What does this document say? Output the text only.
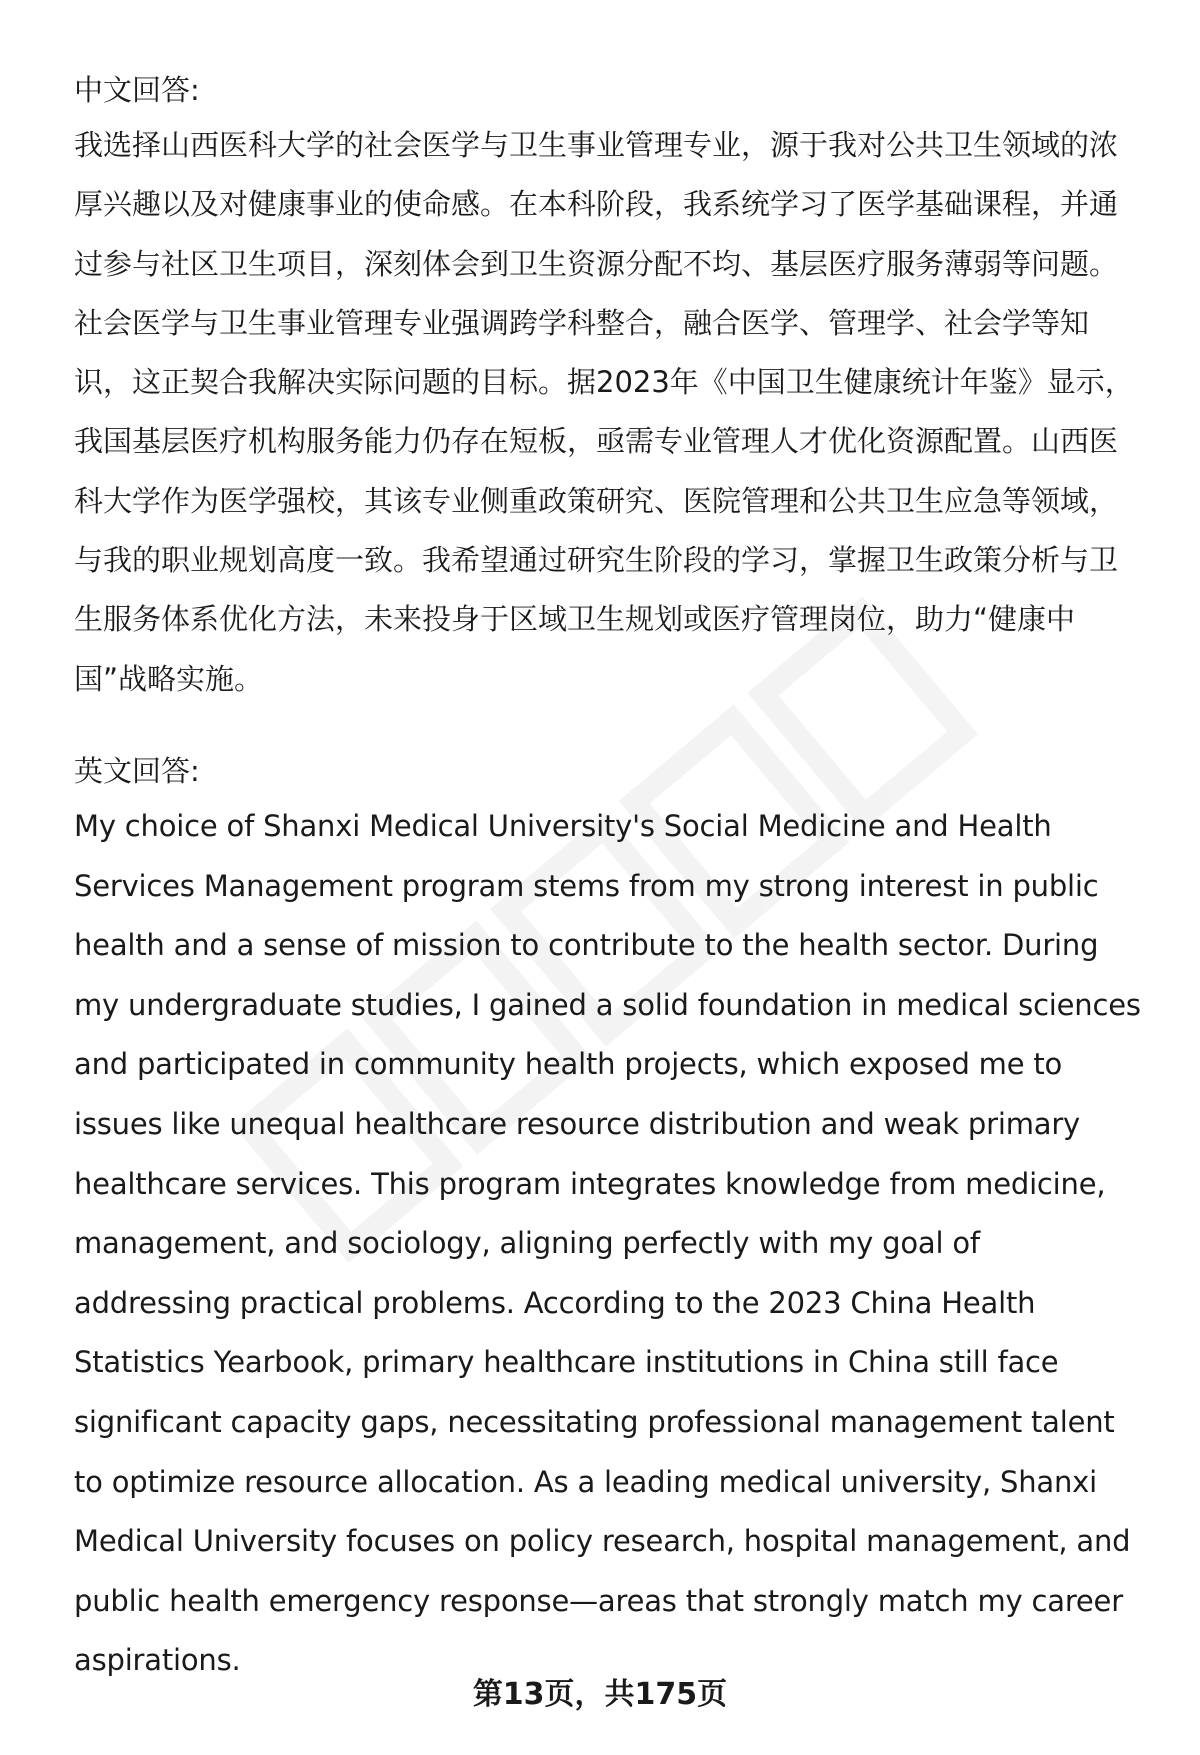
中文回答:

我选择山西医科大学的社会医学与卫生事业管理专业，源于我对公共卫生领域的浓厚兴趣以及对健康事业的使命感。在本科阶段，我系统学习了医学基础课程，并通过参与社区卫生项目，深刻体会到卫生资源分配不均、基层医疗服务薄弱等问题。社会医学与卫生事业管理专业强调跨学科整合，融合医学、管理学、社会学等知识，这正契合我解决实际问题的目标。据2023年《中国卫生健康统计年鉴》显示，我国基层医疗机构服务能力仍存在短板，亟需专业管理人才优化资源配置。山西医科大学作为医学强校，其该专业侧重政策研究、医院管理和公共卫生应急等领域，与我的职业规划高度一致。我希望通过研究生阶段的学习，掌握卫生政策分析与卫生服务体系优化方法，未来投身于区域卫生规划或医疗管理岗位，助力“健康中国”战略实施。

英文回答:

My choice of Shanxi Medical University's Social Medicine and Health Services Management program stems from my strong interest in public health and a sense of mission to contribute to the health sector. During my undergraduate studies, I gained a solid foundation in medical sciences and participated in community health projects, which exposed me to issues like unequal healthcare resource distribution and weak primary healthcare services. This program integrates knowledge from medicine, management, and sociology, aligning perfectly with my goal of addressing practical problems. According to the 2023 China Health Statistics Yearbook, primary healthcare institutions in China still face significant capacity gaps, necessitating professional management talent to optimize resource allocation. As a leading medical university, Shanxi Medical University focuses on policy research, hospital management, and public health emergency response—areas that strongly match my career aspirations.

第13页，共175页
